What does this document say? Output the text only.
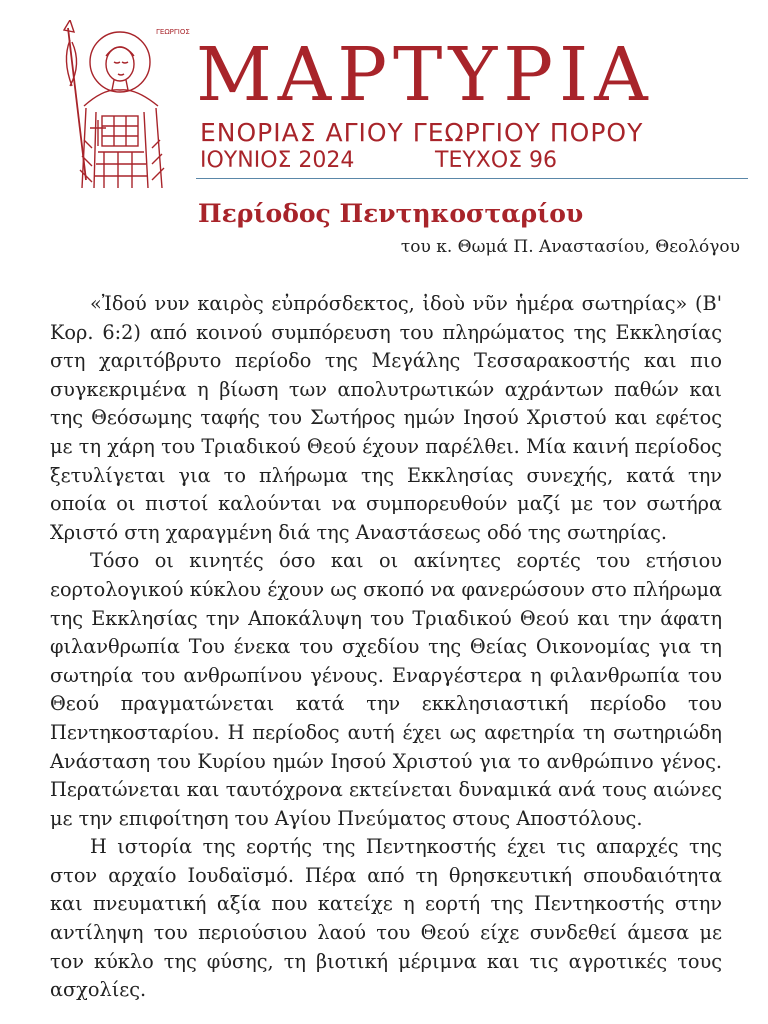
ΓΕΩΡΓΙΟΣ ΜΑΡΤΥΡΙΑ
ΕΝΟΡΙΑΣ ΑΓΙΟΥ ΓΕΩΡΓΙΟΥ ΠΟΡΟΥ
ΙΟΥΝΙΟΣ 2024	ΤΕΥΧΟΣ 96
Περίοδος Πεντηκοσταρίου
του κ. Θωμά Π. Αναστασίου, Θεολόγου

«Ἰδού νυν καιρὸς εὐπρόσδεκτος, ἰδοὺ νῦν ἡμέρα σωτηρίας» (Β' Κορ. 6:2) από κοινού συμπόρευση του πληρώματος της Εκκλησίας στη χαριτόβρυτο περίοδο της Μεγάλης Τεσσαρακοστής και πιο συγκεκριμένα η βίωση των απολυτρωτικών αχράντων παθών και της Θεόσωμης ταφής του Σωτήρος ημών Ιησού Χριστού και εφέτος με τη χάρη του Τριαδικού Θεού έχουν παρέλθει. Μία καινή περίοδος ξετυλίγεται για το πλήρωμα της Εκκλησίας συνεχής, κατά την οποία οι πιστοί καλούνται να συμπορευθούν μαζί με τον σωτήρα Χριστό στη χαραγμένη διά της Αναστάσεως οδό της σωτηρίας.

Τόσο οι κινητές όσο και οι ακίνητες εορτές του ετήσιου εορτολογικού κύκλου έχουν ως σκοπό να φανερώσουν στο πλήρωμα της Εκκλησίας την Αποκάλυψη του Τριαδικού Θεού και την άφατη φιλανθρωπία Του ένεκα του σχεδίου της Θείας Οικονομίας για τη σωτηρία του ανθρωπίνου γένους. Εναργέστερα η φιλανθρωπία του Θεού πραγματώνεται κατά την εκκλησιαστική περίοδο του Πεντηκοσταρίου. Η περίοδος αυτή έχει ως αφετηρία τη σωτηριώδη Ανάσταση του Κυρίου ημών Ιησού Χριστού για το ανθρώπινο γένος. Περατώνεται και ταυτόχρονα εκτείνεται δυναμικά ανά τους αιώνες με την επιφοίτηση του Αγίου Πνεύματος στους Αποστόλους.

Η ιστορία της εορτής της Πεντηκοστής έχει τις απαρχές της στον αρχαίο Ιουδαϊσμό. Πέρα από τη θρησκευτική σπουδαιότητα και πνευματική αξία που κατείχε η εορτή της Πεντηκοστής στην αντίληψη του περιούσιου λαού του Θεού είχε συνδεθεί άμεσα με τον κύκλο της φύσης, τη βιοτική μέριμνα και τις αγροτικές τους ασχολίες.
